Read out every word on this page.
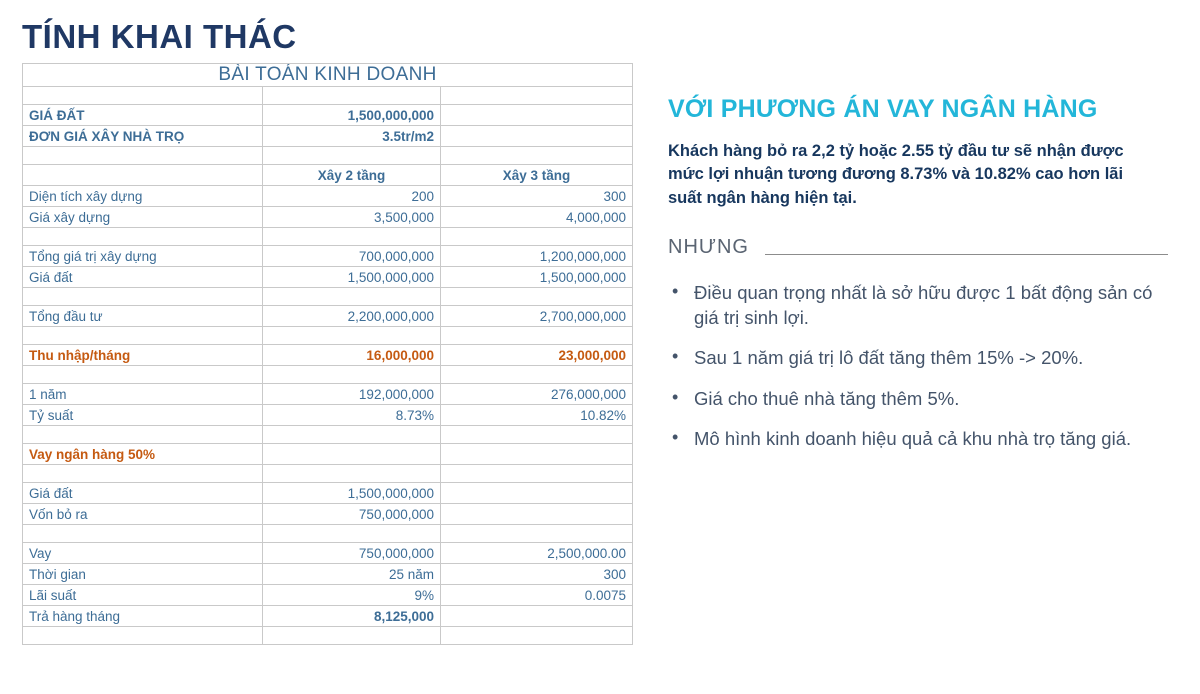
TÍNH KHAI THÁC
BÀI TOÁN KINH DOANH		

GIÁ ĐẤT	1,500,000,000	
ĐƠN GIÁ XÂY NHÀ TRỌ	3.5tr/m2	

	Xây 2 tầng	Xây 3 tầng
Diện tích xây dựng	200	300
Giá xây dựng	3,500,000	4,000,000

Tổng giá trị xây dựng	700,000,000	1,200,000,000
Giá đất	1,500,000,000	1,500,000,000

Tổng đầu tư	2,200,000,000	2,700,000,000

Thu nhập/tháng	16,000,000	23,000,000

1 năm	192,000,000	276,000,000
Tỷ suất	8.73%	10.82%

Vay ngân hàng 50%		

Giá đất	1,500,000,000	
Vốn bỏ ra	750,000,000	

Vay	750,000,000	2,500,000.00
Thời gian	25 năm	300
Lãi suất	9%	0.0075
Trả hàng tháng	8,125,000	

VỚI PHƯƠNG ÁN VAY NGÂN HÀNG

Khách hàng bỏ ra 2,2 tỷ hoặc 2.55 tỷ đầu tư sẽ nhận được mức lợi nhuận tương đương 8.73% và 10.82% cao hơn lãi suất ngân hàng hiện tại.

NHƯNG
• Điều quan trọng nhất là sở hữu được 1 bất động sản có giá trị sinh lợi.
• Sau 1 năm giá trị lô đất tăng thêm 15% -> 20%.
• Giá cho thuê nhà tăng thêm 5%.
• Mô hình kinh doanh hiệu quả cả khu nhà trọ tăng giá.
